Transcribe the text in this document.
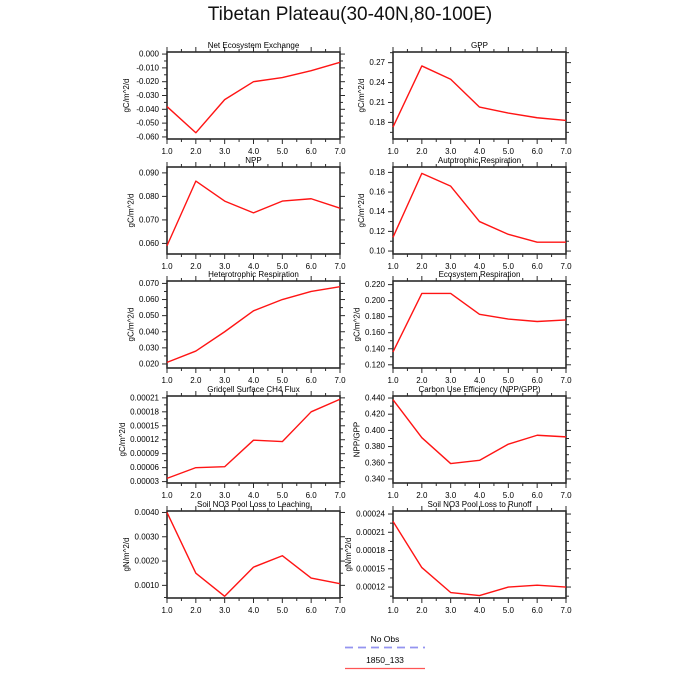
Tibetan Plateau(30-40N,80-100E)
Net Ecosystem Exchange
-0.060
-0.050
-0.040
-0.030
-0.020
-0.010
0.000
1.0 2.0 3.0 4.0 5.0 6.0 7.0
gC/m^2/d
GPP
0.18
0.21
0.24
0.27
1.0 2.0 3.0 4.0 5.0 6.0 7.0
gC/m^2/d
NPP
0.060
0.070
0.080
0.090
1.0 2.0 3.0 4.0 5.0 6.0 7.0
gC/m^2/d
Autotrophic Respiration
0.10
0.12
0.14
0.16
0.18
1.0 2.0 3.0 4.0 5.0 6.0 7.0
gC/m^2/d
Heterotrophic Respiration
0.020
0.030
0.040
0.050
0.060
0.070
1.0 2.0 3.0 4.0 5.0 6.0 7.0
gC/m^2/d
Ecosystem Respiration
0.120
0.140
0.160
0.180
0.200
0.220
1.0 2.0 3.0 4.0 5.0 6.0 7.0
gC/m^2/d
Gridcell Surface CH4 Flux
0.00003
0.00006
0.00009
0.00012
0.00015
0.00018
0.00021
1.0 2.0 3.0 4.0 5.0 6.0 7.0
gC/m^2/d
Carbon Use Efficiency (NPP/GPP)
0.340
0.360
0.380
0.400
0.420
0.440
1.0 2.0 3.0 4.0 5.0 6.0 7.0
NPP/GPP
Soil NO3 Pool Loss to Leaching
0.0010
0.0020
0.0030
0.0040
1.0 2.0 3.0 4.0 5.0 6.0 7.0
gN/m^2/d
Soil NO3 Pool Loss to Runoff
0.00012
0.00015
0.00018
0.00021
0.00024
1.0 2.0 3.0 4.0 5.0 6.0 7.0
gN/m^2/d
No Obs
1850_133
